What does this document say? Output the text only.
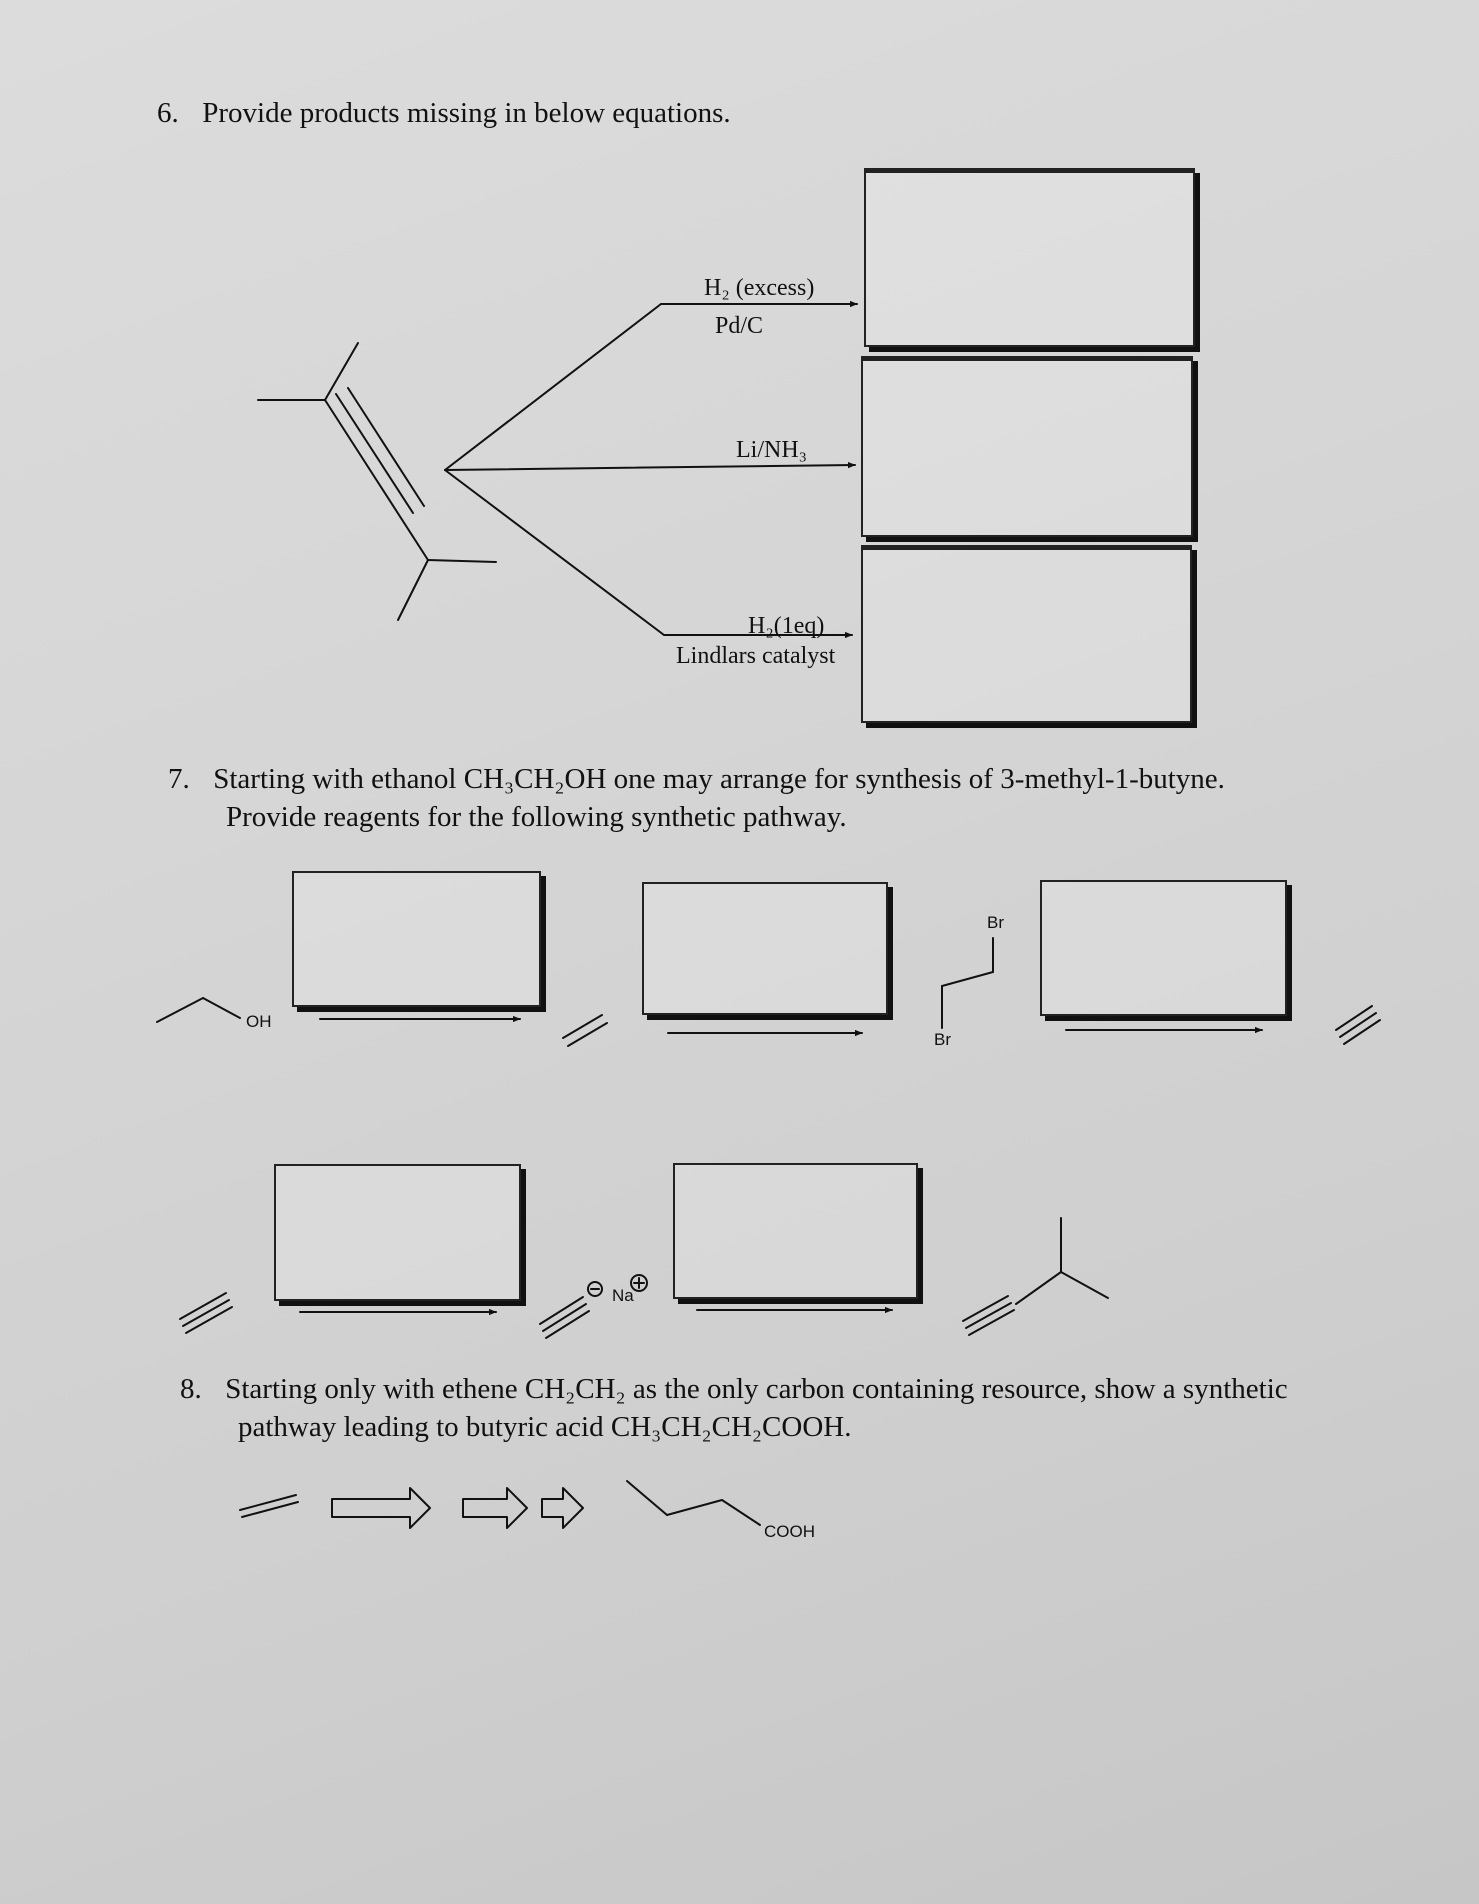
6. Provide products missing in below equations.

7. Starting with ethanol CH₃CH₂OH one may arrange for synthesis of 3-methyl-1-butyne.
Provide reagents for the following synthetic pathway.

8. Starting only with ethene CH₂CH₂ as the only carbon containing resource, show a synthetic
pathway leading to butyric acid CH₃CH₂CH₂COOH.

H₂ (excess)
Pd/C
Li/NH₃
H₂(1eq)
Lindlars catalyst
OH
Br
Br
Na
COOH
